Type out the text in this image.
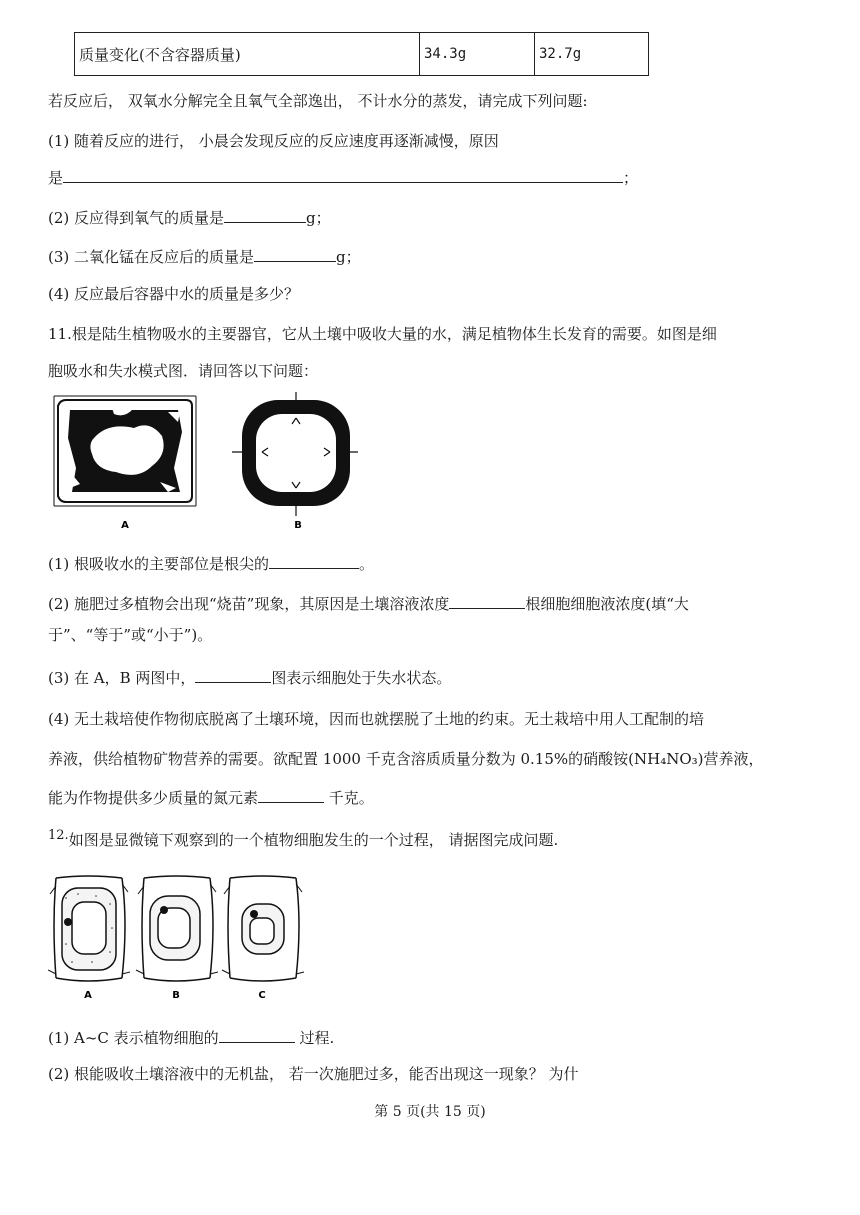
质量变化(不含容器质量)	34.3g	32.7g
若反应后， 双氧水分解完全且氧气全部逸出， 不计水分的蒸发，请完成下列问题:
(1) 随着反应的进行， 小晨会发现反应的反应速度再逐渐减慢，原因
是	；
(2) 反应得到氧气的质量是	g；
(3) 二氧化锰在反应后的质量是	g；
(4) 反应最后容器中水的质量是多少？
11.根是陆生植物吸水的主要器官，它从土壤中吸收大量的水，满足植物体生长发育的需要。如图是细
胞吸水和失水模式图．请回答以下问题：
A	B
(1) 根吸收水的主要部位是根尖的	。
(2) 施肥过多植物会出现“烧苗”现象，其原因是土壤溶液浓度	根细胞细胞液浓度(填“大
于”、“等于”或“小于”)。
(3) 在 A，B 两图中，	图表示细胞处于失水状态。
(4) 无土栽培使作物彻底脱离了土壤环境，因而也就摆脱了土地的约束。无土栽培中用人工配制的培
养液，供给植物矿物营养的需要。欲配置 1000 千克含溶质质量分数为 0.15%的硝酸铵(NH₄NO₃)营养液，
能为作物提供多少质量的氮元素	千克。
$^{12.}$如图是显微镜下观察到的一个植物细胞发生的一个过程， 请据图完成问题.
A	B	C
(1) A~C 表示植物细胞的	过程.
(2) 根能吸收土壤溶液中的无机盐， 若一次施肥过多，能否出现这一现象？ 为什
第 5 页(共 15 页)
